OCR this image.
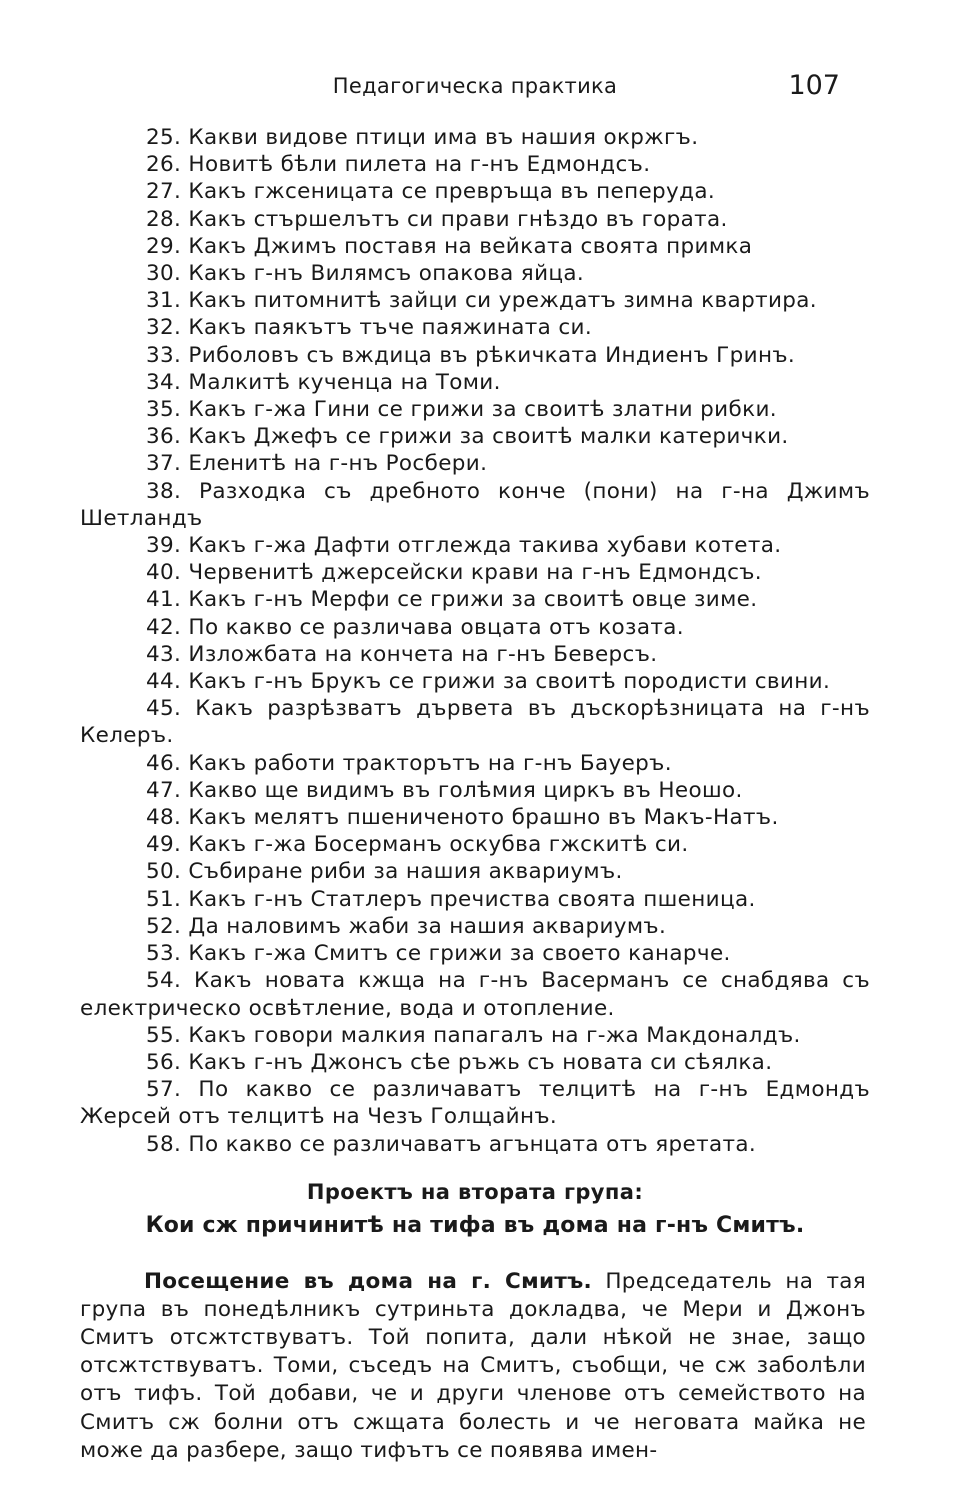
Педагогическа практика	107

25. Какви видове птици има въ нашия окржгъ.

26. Новитѣ бѣли пилета на г-нъ Едмондсъ.

27. Какъ гжсеницата се превръща въ пеперуда.

28. Какъ стършелътъ си прави гнѣздо въ гората.

29. Какъ Джимъ поставя на вейката своята примка

30. Какъ г-нъ Вилямсъ опакова яйца.

31. Какъ питомнитѣ зайци си уреждатъ зимна квартира.

32. Какъ паякътъ тъче паяжината си.

33. Риболовъ съ вждица въ рѣкичката Индиенъ Гринъ.

34. Малкитѣ кученца на Томи.

35. Какъ г-жа Гини се грижи за своитѣ златни рибки.

36. Какъ Джефъ се грижи за своитѣ малки катерички.

37. Еленитѣ на г-нъ Росбери.

38. Разходка съ дребното конче (пони) на г-на Джимъ Шетландъ

39. Какъ г-жа Дафти отглежда такива хубави котета.

40. Червенитѣ джерсейски крави на г-нъ Едмондсъ.

41. Какъ г-нъ Мерфи се грижи за своитѣ овце зиме.

42. По какво се различава овцата отъ козата.

43. Изложбата на кончета на г-нъ Беверсъ.

44. Какъ г-нъ Брукъ се грижи за своитѣ породисти свини.

45. Какъ разрѣзватъ дървета въ дъскорѣзницата на г-нъ Келеръ.

46. Какъ работи тракторътъ на г-нъ Бауеръ.

47. Какво ще видимъ въ голѣмия циркъ въ Неошо.

48. Какъ мелятъ пшениченото брашно въ Макъ-Натъ.

49. Какъ г-жа Босерманъ оскубва гжскитѣ си.

50. Събиране риби за нашия аквариумъ.

51. Какъ г-нъ Статлеръ пречиства своята пшеница.

52. Да наловимъ жаби за нашия аквариумъ.

53. Какъ г-жа Смитъ се грижи за своето канарче.

54. Какъ новата кжща на г-нъ Васерманъ се снабдява съ електрическо освѣтление, вода и отопление.

55. Какъ говори малкия папагалъ на г-жа Макдоналдъ.

56. Какъ г-нъ Джонсъ сѣе ръжь съ новата си сѣялка.

57. По какво се различаватъ телцитѣ на г-нъ Едмондъ Жерсей отъ телцитѣ на Чезъ Голщайнъ.

58. По какво се различаватъ агънцата отъ яретата.

Проектъ на втората група:
Кои сж причинитѣ на тифа въ дома на г-нъ Смитъ.

Посещение въ дома на г. Смитъ. Председатель на тая група въ понедѣлникъ сутриньта докладва, че Мери и Джонъ Смитъ отсжтствуватъ. Той попита, дали нѣкой не знае, защо отсжтствуватъ. Томи, съседъ на Смитъ, съобщи, че сж заболѣли отъ тифъ. Той добави, че и други членове отъ семейството на Смитъ сж болни отъ сжщата болесть и че неговата майка не може да разбере, защо тифътъ се появява имен-
